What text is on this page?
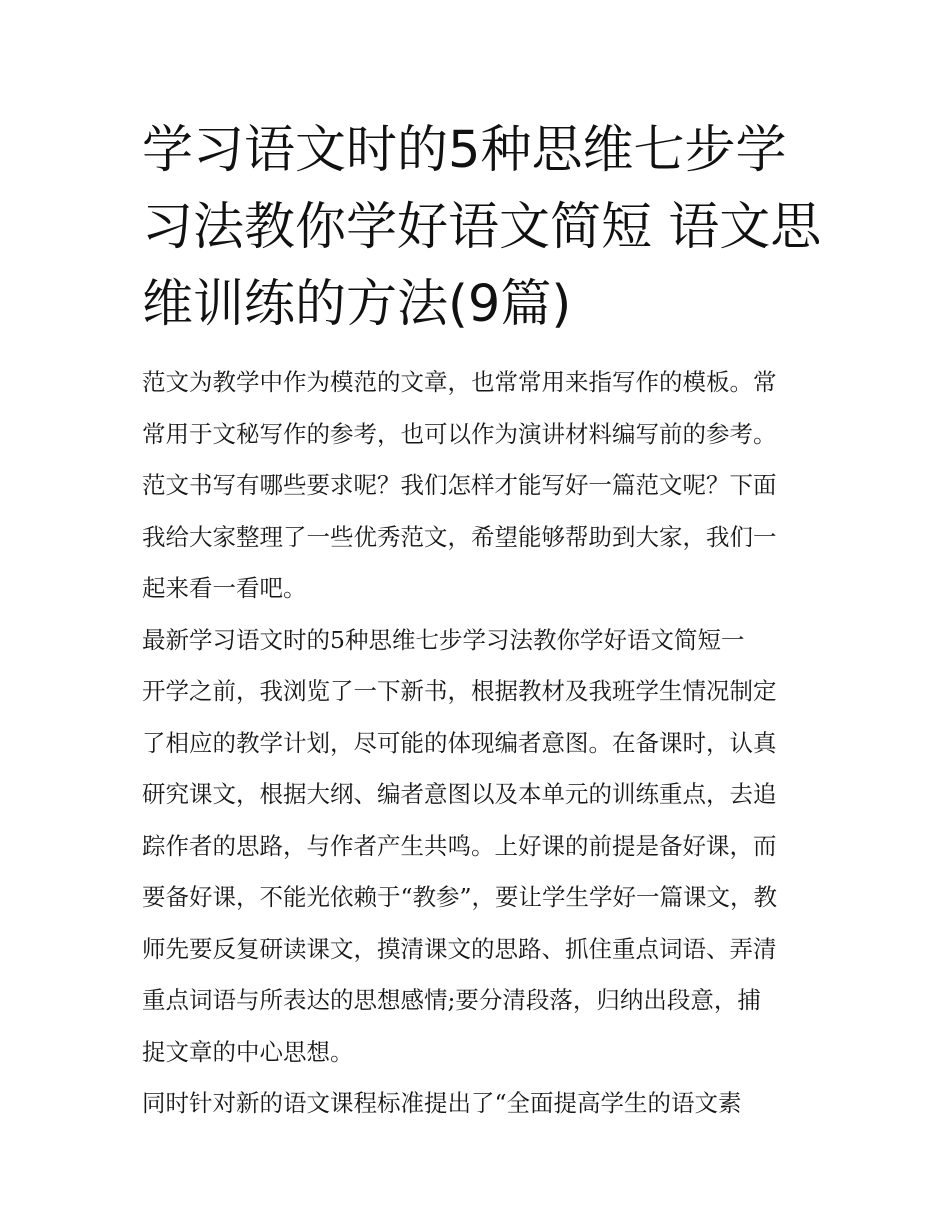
学习语文时的5种思维七步学
习法教你学好语文简短 语文思
维训练的方法(9篇)

范文为教学中作为模范的文章，也常常用来指写作的模板。常
常用于文秘写作的参考，也可以作为演讲材料编写前的参考。
范文书写有哪些要求呢？我们怎样才能写好一篇范文呢？下面
我给大家整理了一些优秀范文，希望能够帮助到大家，我们一
起来看一看吧。

最新学习语文时的5种思维七步学习法教你学好语文简短一

开学之前，我浏览了一下新书，根据教材及我班学生情况制定
了相应的教学计划，尽可能的体现编者意图。在备课时，认真
研究课文，根据大纲、编者意图以及本单元的训练重点，去追
踪作者的思路，与作者产生共鸣。上好课的前提是备好课，而
要备好课，不能光依赖于“教参”，要让学生学好一篇课文，教
师先要反复研读课文，摸清课文的思路、抓住重点词语、弄清
重点词语与所表达的思想感情;要分清段落，归纳出段意，捕
捉文章的中心思想。

同时针对新的语文课程标准提出了“全面提高学生的语文素
